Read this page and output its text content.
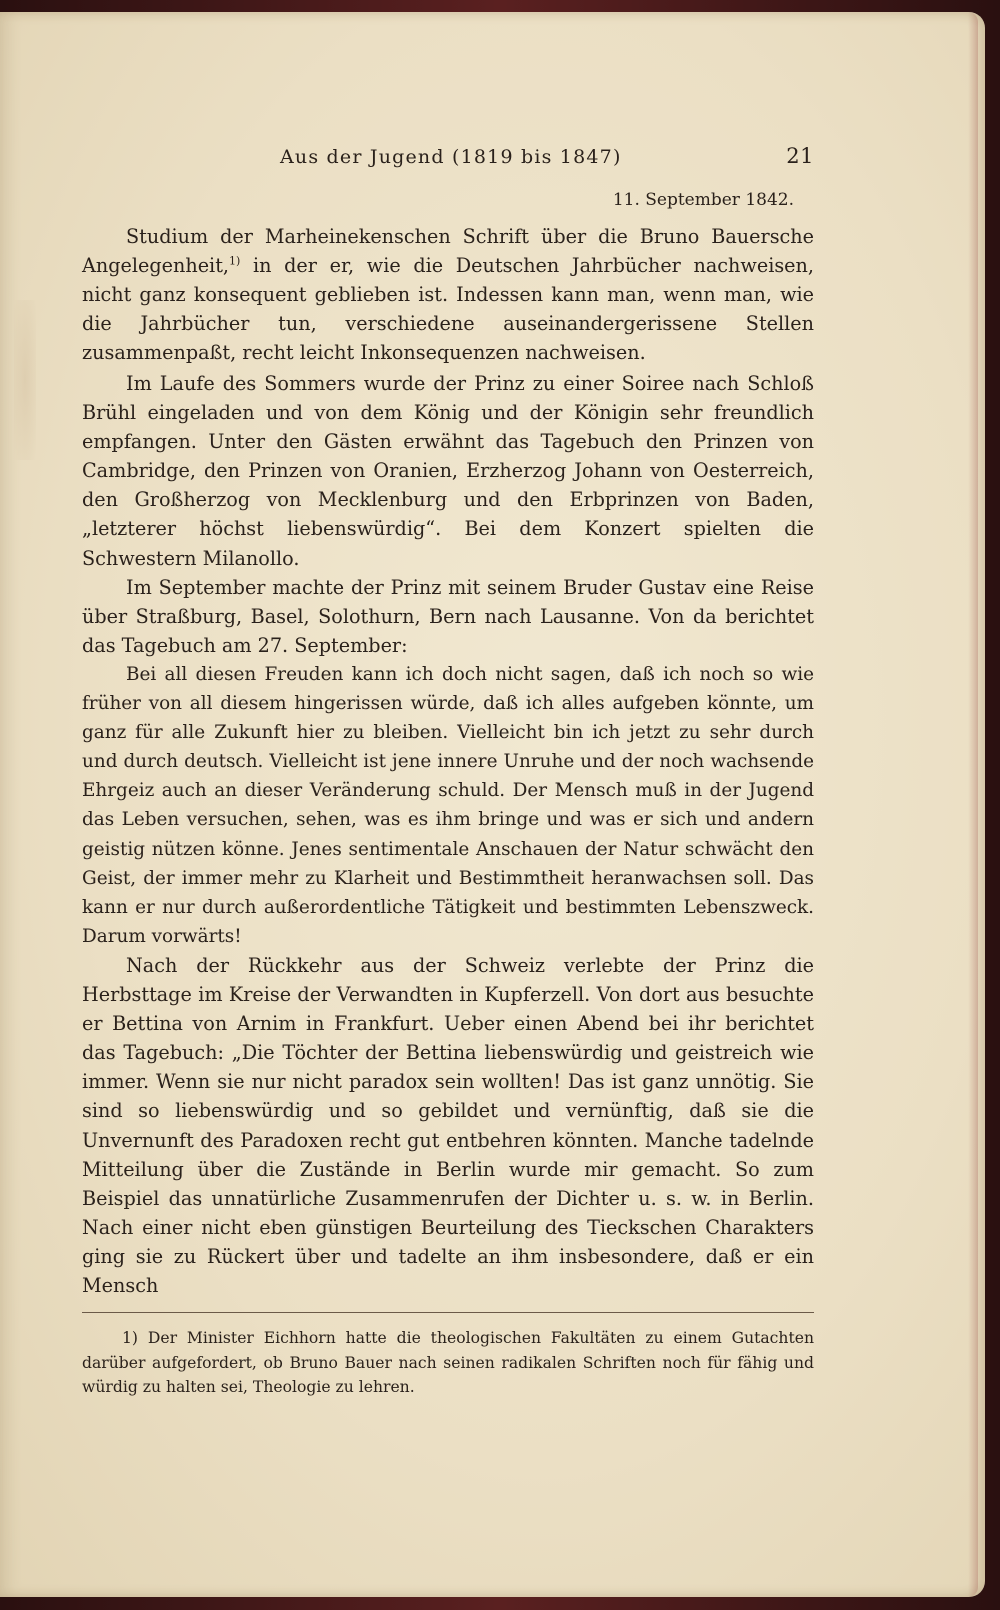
Aus der Jugend (1819 bis 1847)	21
11. September 1842.

Studium der Marheinekenschen Schrift über die Bruno Bauersche Angelegenheit,$^{1)}$ in der er, wie die Deutschen Jahrbücher nachweisen, nicht ganz konsequent geblieben ist. Indessen kann man, wenn man, wie die Jahrbücher tun, verschiedene auseinandergerissene Stellen zusammenpaßt, recht leicht Inkonsequenzen nachweisen.

Im Laufe des Sommers wurde der Prinz zu einer Soiree nach Schloß Brühl eingeladen und von dem König und der Königin sehr freundlich empfangen. Unter den Gästen erwähnt das Tagebuch den Prinzen von Cambridge, den Prinzen von Oranien, Erzherzog Johann von Oesterreich, den Großherzog von Mecklenburg und den Erbprinzen von Baden, „letzterer höchst liebenswürdig“. Bei dem Konzert spielten die Schwestern Milanollo.

Im September machte der Prinz mit seinem Bruder Gustav eine Reise über Straßburg, Basel, Solothurn, Bern nach Lausanne. Von da berichtet das Tagebuch am 27. September:

Bei all diesen Freuden kann ich doch nicht sagen, daß ich noch so wie früher von all diesem hingerissen würde, daß ich alles aufgeben könnte, um ganz für alle Zukunft hier zu bleiben. Vielleicht bin ich jetzt zu sehr durch und durch deutsch. Vielleicht ist jene innere Unruhe und der noch wachsende Ehrgeiz auch an dieser Veränderung schuld. Der Mensch muß in der Jugend das Leben versuchen, sehen, was es ihm bringe und was er sich und andern geistig nützen könne. Jenes sentimentale Anschauen der Natur schwächt den Geist, der immer mehr zu Klarheit und Bestimmtheit heranwachsen soll. Das kann er nur durch außerordentliche Tätigkeit und bestimmten Lebenszweck. Darum vorwärts!

Nach der Rückkehr aus der Schweiz verlebte der Prinz die Herbsttage im Kreise der Verwandten in Kupferzell. Von dort aus besuchte er Bettina von Arnim in Frankfurt. Ueber einen Abend bei ihr berichtet das Tagebuch: „Die Töchter der Bettina liebenswürdig und geistreich wie immer. Wenn sie nur nicht paradox sein wollten! Das ist ganz unnötig. Sie sind so liebenswürdig und so gebildet und vernünftig, daß sie die Unvernunft des Paradoxen recht gut entbehren könnten. Manche tadelnde Mitteilung über die Zustände in Berlin wurde mir gemacht. So zum Beispiel das unnatürliche Zusammenrufen der Dichter u. s. w. in Berlin. Nach einer nicht eben günstigen Beurteilung des Tieckschen Charakters ging sie zu Rückert über und tadelte an ihm insbesondere, daß er ein Mensch

1) Der Minister Eichhorn hatte die theologischen Fakultäten zu einem Gutachten darüber aufgefordert, ob Bruno Bauer nach seinen radikalen Schriften noch für fähig und würdig zu halten sei, Theologie zu lehren.
